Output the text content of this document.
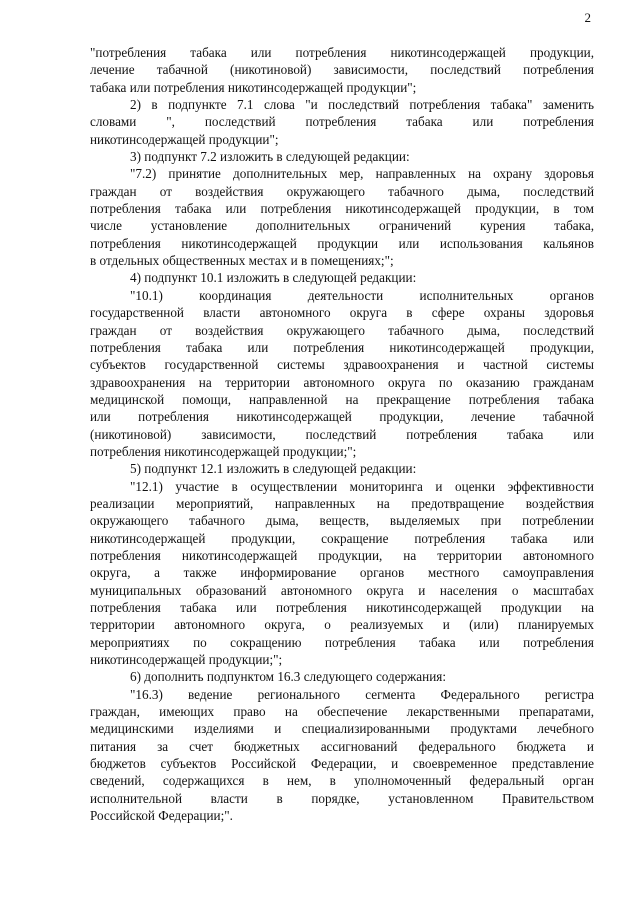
2
"потребления табака или потребления никотинсодержащей продукции,
лечение табачной (никотиновой) зависимости, последствий потребления
табака или потребления никотинсодержащей продукции";
2) в подпункте 7.1 слова "и последствий потребления табака" заменить
словами ", последствий потребления табака или потребления
никотинсодержащей продукции";
3) подпункт 7.2 изложить в следующей редакции:
"7.2) принятие дополнительных мер, направленных на охрану здоровья
граждан от воздействия окружающего табачного дыма, последствий
потребления табака или потребления никотинсодержащей продукции, в том
числе установление дополнительных ограничений курения табака,
потребления никотинсодержащей продукции или использования кальянов
в отдельных общественных местах и в помещениях;";
4) подпункт 10.1 изложить в следующей редакции:
"10.1) координация деятельности исполнительных органов
государственной власти автономного округа в сфере охраны здоровья
граждан от воздействия окружающего табачного дыма, последствий
потребления табака или потребления никотинсодержащей продукции,
субъектов государственной системы здравоохранения и частной системы
здравоохранения на территории автономного округа по оказанию гражданам
медицинской помощи, направленной на прекращение потребления табака
или потребления никотинсодержащей продукции, лечение табачной
(никотиновой) зависимости, последствий потребления табака или
потребления никотинсодержащей продукции;";
5) подпункт 12.1 изложить в следующей редакции:
"12.1) участие в осуществлении мониторинга и оценки эффективности
реализации мероприятий, направленных на предотвращение воздействия
окружающего табачного дыма, веществ, выделяемых при потреблении
никотинсодержащей продукции, сокращение потребления табака или
потребления никотинсодержащей продукции, на территории автономного
округа, а также информирование органов местного самоуправления
муниципальных образований автономного округа и населения о масштабах
потребления табака или потребления никотинсодержащей продукции на
территории автономного округа, о реализуемых и (или) планируемых
мероприятиях по сокращению потребления табака или потребления
никотинсодержащей продукции;";
6) дополнить подпунктом 16.3 следующего содержания:
"16.3) ведение регионального сегмента Федерального регистра
граждан, имеющих право на обеспечение лекарственными препаратами,
медицинскими изделиями и специализированными продуктами лечебного
питания за счет бюджетных ассигнований федерального бюджета и
бюджетов субъектов Российской Федерации, и своевременное представление
сведений, содержащихся в нем, в уполномоченный федеральный орган
исполнительной власти в порядке, установленном Правительством
Российской Федерации;".
